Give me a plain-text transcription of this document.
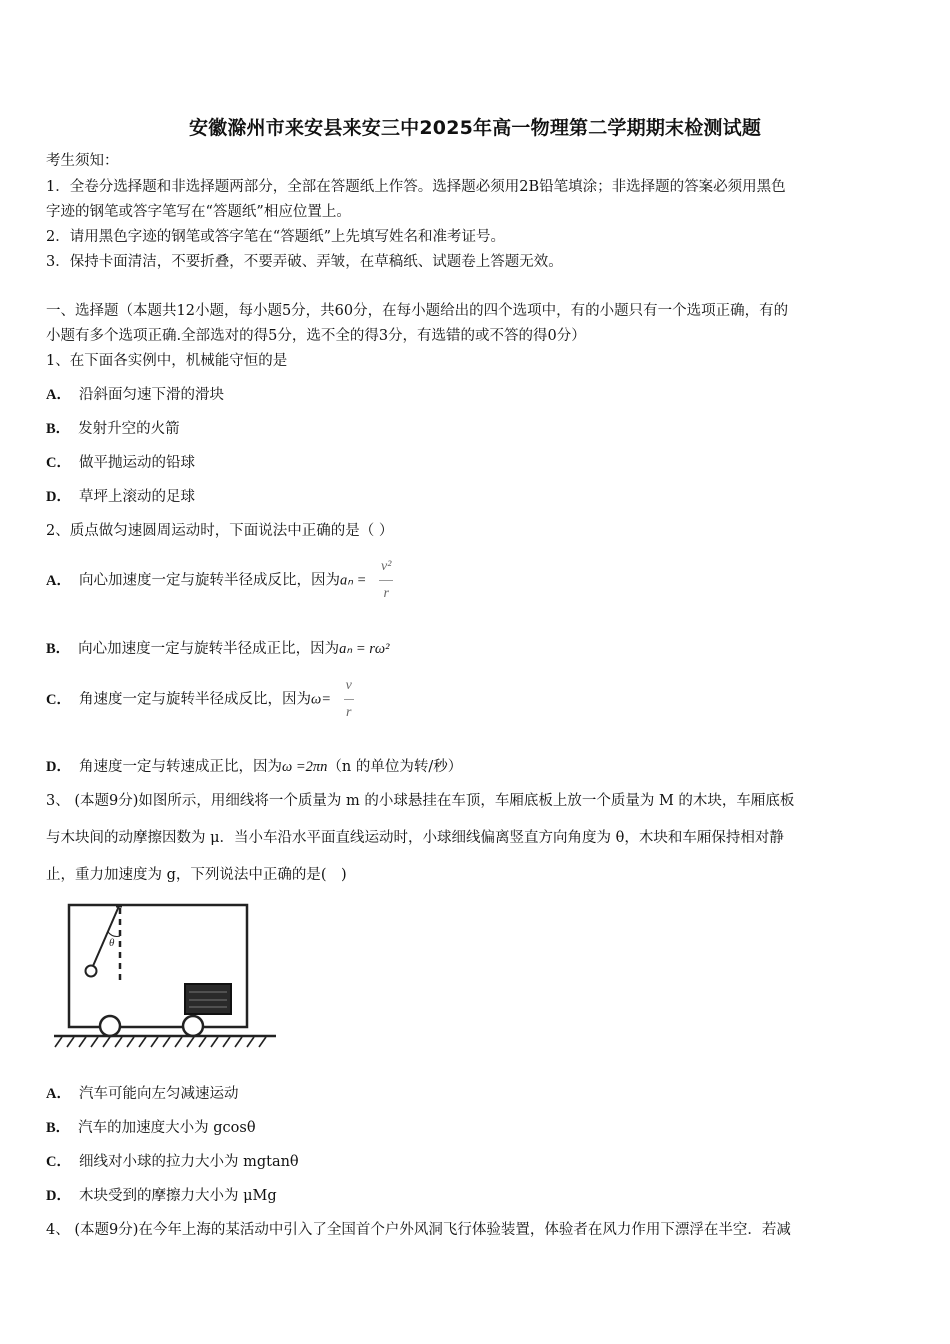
安徽滁州市来安县来安三中2025年高一物理第二学期期末检测试题
考生须知：
1．全卷分选择题和非选择题两部分，全部在答题纸上作答。选择题必须用2B铅笔填涂；非选择题的答案必须用黑色
字迹的钢笔或答字笔写在“答题纸”相应位置上。
2．请用黑色字迹的钢笔或答字笔在“答题纸”上先填写姓名和准考证号。
3．保持卡面清洁，不要折叠，不要弄破、弄皱，在草稿纸、试题卷上答题无效。
一、选择题（本题共12小题，每小题5分，共60分，在每小题给出的四个选项中，有的小题只有一个选项正确，有的
小题有多个选项正确.全部选对的得5分，选不全的得3分，有选错的或不答的得0分）
1、在下面各实例中，机械能守恒的是
A． 沿斜面匀速下滑的滑块
B． 发射升空的火箭
C． 做平抛运动的铅球
D． 草坪上滚动的足球
2、质点做匀速圆周运动时，下面说法中正确的是（ ）
A． 向心加速度一定与旋转半径成反比，因为$a_n = \frac{\text{v²}}{r}$
B． 向心加速度一定与旋转半径成正比，因为aₙ = rω²
C． 角速度一定与旋转半径成反比，因为$\omega= \frac{v}{r}$
D． 角速度一定与转速成正比，因为ω =2πn（n 的单位为转/秒）
3、 (本题9分)如图所示，用细线将一个质量为 m 的小球悬挂在车顶，车厢底板上放一个质量为 M 的木块，车厢底板
与木块间的动摩擦因数为 μ．当小车沿水平面直线运动时，小球细线偏离竖直方向角度为 θ，木块和车厢保持相对静
止，重力加速度为 g，下列说法中正确的是(　)
θ
A． 汽车可能向左匀减速运动
B． 汽车的加速度大小为 gcosθ
C． 细线对小球的拉力大小为 mgtanθ
D． 木块受到的摩擦力大小为 μMg
4、 (本题9分)在今年上海的某活动中引入了全国首个户外风洞飞行体验装置，体验者在风力作用下漂浮在半空．若减
